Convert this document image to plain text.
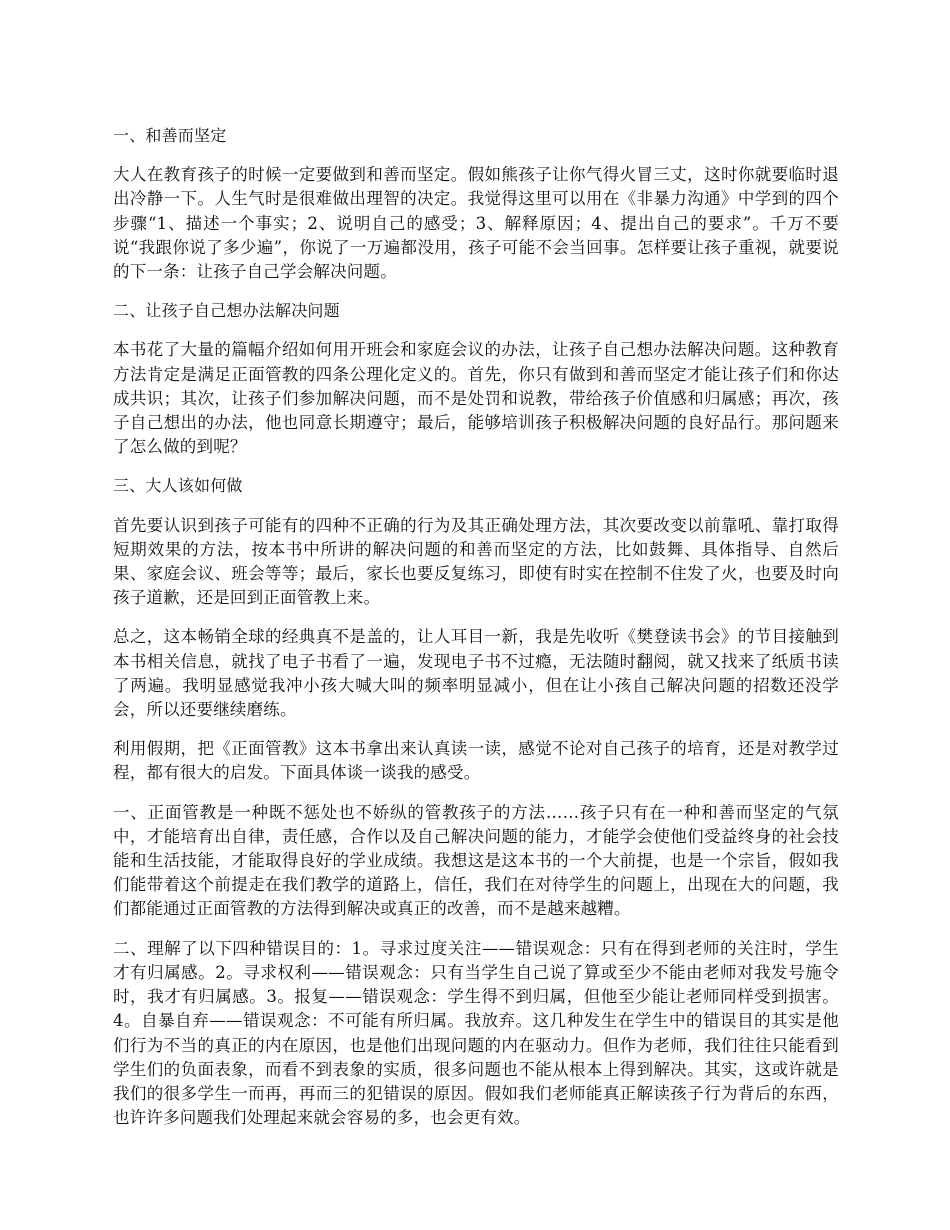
一、和善而坚定

大人在教育孩子的时候一定要做到和善而坚定。假如熊孩子让你气得火冒三丈，这时你就要临时退出冷静一下。人生气时是很难做出理智的决定。我觉得这里可以用在《非暴力沟通》中学到的四个步骤“1、描述一个事实；2、说明自己的感受；3、解释原因；4、提出自己的要求”。千万不要说“我跟你说了多少遍”，你说了一万遍都没用，孩子可能不会当回事。怎样要让孩子重视，就要说的下一条：让孩子自己学会解决问题。

二、让孩子自己想办法解决问题

本书花了大量的篇幅介绍如何用开班会和家庭会议的办法，让孩子自己想办法解决问题。这种教育方法肯定是满足正面管教的四条公理化定义的。首先，你只有做到和善而坚定才能让孩子们和你达成共识；其次，让孩子们参加解决问题，而不是处罚和说教，带给孩子价值感和归属感；再次，孩子自己想出的办法，他也同意长期遵守；最后，能够培训孩子积极解决问题的良好品行。那问题来了怎么做的到呢？

三、大人该如何做

首先要认识到孩子可能有的四种不正确的行为及其正确处理方法，其次要改变以前靠吼、靠打取得短期效果的方法，按本书中所讲的解决问题的和善而坚定的方法，比如鼓舞、具体指导、自然后果、家庭会议、班会等等；最后，家长也要反复练习，即使有时实在控制不住发了火，也要及时向孩子道歉，还是回到正面管教上来。

总之，这本畅销全球的经典真不是盖的，让人耳目一新，我是先收听《樊登读书会》的节目接触到本书相关信息，就找了电子书看了一遍，发现电子书不过瘾，无法随时翻阅，就又找来了纸质书读了两遍。我明显感觉我冲小孩大喊大叫的频率明显减小，但在让小孩自己解决问题的招数还没学会，所以还要继续磨练。

利用假期，把《正面管教》这本书拿出来认真读一读，感觉不论对自己孩子的培育，还是对教学过程，都有很大的启发。下面具体谈一谈我的感受。

一、正面管教是一种既不惩处也不娇纵的管教孩子的方法……孩子只有在一种和善而坚定的气氛中，才能培育出自律，责任感，合作以及自己解决问题的能力，才能学会使他们受益终身的社会技能和生活技能，才能取得良好的学业成绩。我想这是这本书的一个大前提，也是一个宗旨，假如我们能带着这个前提走在我们教学的道路上，信任，我们在对待学生的问题上，出现在大的问题，我们都能通过正面管教的方法得到解决或真正的改善，而不是越来越糟。

二、理解了以下四种错误目的：1。寻求过度关注——错误观念：只有在得到老师的关注时，学生才有归属感。2。寻求权利——错误观念：只有当学生自己说了算或至少不能由老师对我发号施令时，我才有归属感。3。报复——错误观念：学生得不到归属，但他至少能让老师同样受到损害。4。自暴自弃——错误观念：不可能有所归属。我放弃。这几种发生在学生中的错误目的其实是他们行为不当的真正的内在原因，也是他们出现问题的内在驱动力。但作为老师，我们往往只能看到学生们的负面表象，而看不到表象的实质，很多问题也不能从根本上得到解决。其实，这或许就是我们的很多学生一而再，再而三的犯错误的原因。假如我们老师能真正解读孩子行为背后的东西，也许许多问题我们处理起来就会容易的多，也会更有效。
